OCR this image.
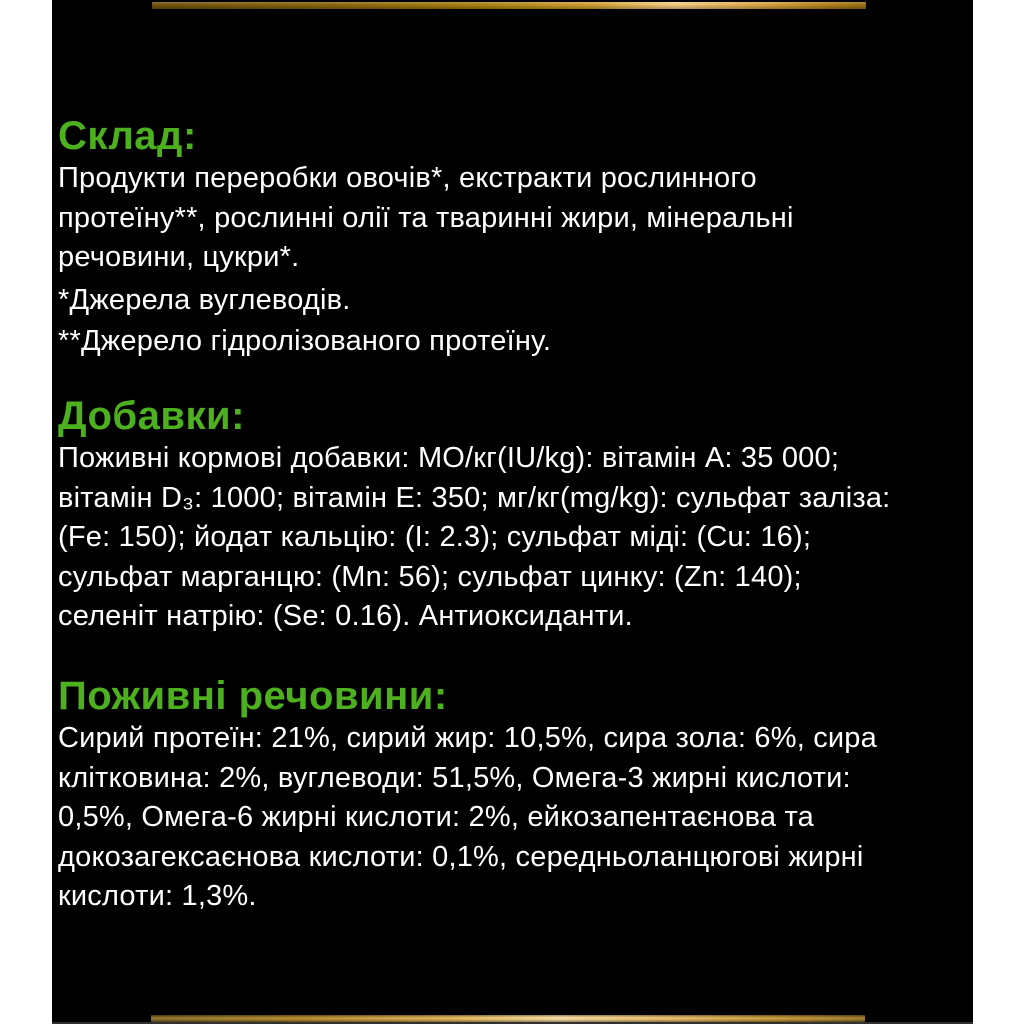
Склад:
Продукти переробки овочів*, екстракти рослинного
протеїну**, рослинні олії та тваринні жири, мінеральні
речовини, цукри*.
*Джерела вуглеводів.
**Джерело гідролізованого протеїну.
Добавки:
Поживні кормові добавки: МО/кг(IU/kg): вітамін A: 35 000;
вітамін D₃: 1000; вітамін E: 350; мг/кг(mg/kg): сульфат заліза:
(Fe: 150); йодат кальцію: (I: 2.3); сульфат міді: (Cu: 16);
сульфат марганцю: (Mn: 56); сульфат цинку: (Zn: 140);
селеніт натрію: (Se: 0.16). Антиоксиданти.
Поживні речовини:
Сирий протеїн: 21%, сирий жир: 10,5%, сира зола: 6%, сира
клітковина: 2%, вуглеводи: 51,5%, Омега-3 жирні кислоти:
0,5%, Омега-6 жирні кислоти: 2%, ейкозапентаєнова та
докозагексаєнова кислоти: 0,1%, середньоланцюгові жирні
кислоти: 1,3%.
